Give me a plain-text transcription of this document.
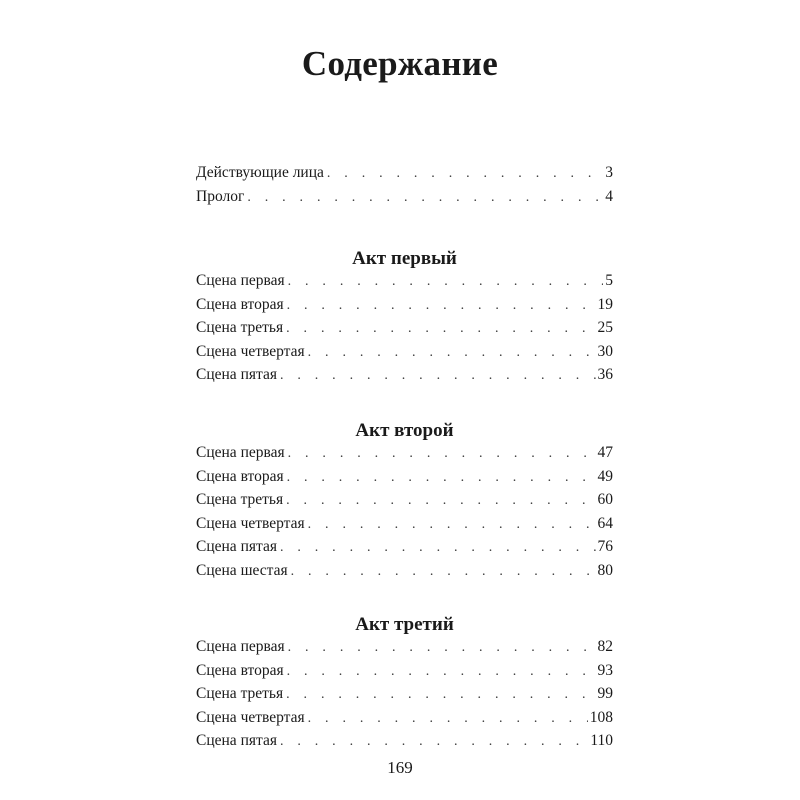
Содержание
Действующие лица . . .	3
Пролог . . .	4
Акт первый
Сцена первая . . .	5
Сцена вторая . . .	19
Сцена третья . . .	25
Сцена четвертая . . .	30
Сцена пятая . . .	36
Акт второй
Сцена первая . . .	47
Сцена вторая . . .	49
Сцена третья . . .	60
Сцена четвертая . . .	64
Сцена пятая . . .	76
Сцена шестая . . .	80
Акт третий
Сцена первая . . .	82
Сцена вторая . . .	93
Сцена третья . . .	99
Сцена четвертая . . .	108
Сцена пятая . . .	110
169
